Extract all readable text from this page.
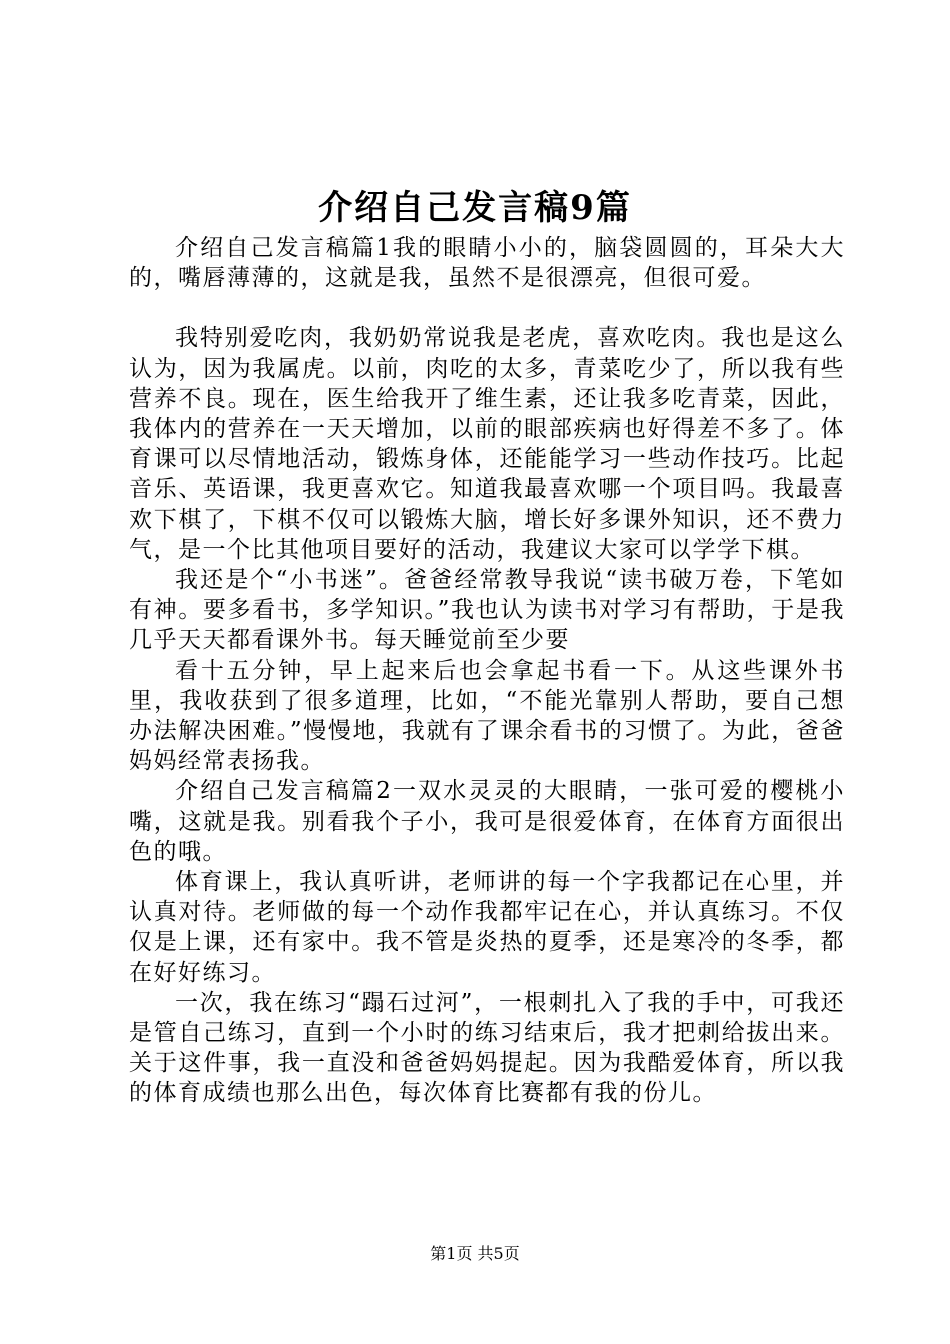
介绍自己发言稿9篇

介绍自己发言稿篇1我的眼睛小小的，脑袋圆圆的，耳朵大大的，嘴唇薄薄的，这就是我，虽然不是很漂亮，但很可爱。

我特别爱吃肉，我奶奶常说我是老虎，喜欢吃肉。我也是这么认为，因为我属虎。以前，肉吃的太多，青菜吃少了，所以我有些营养不良。现在，医生给我开了维生素，还让我多吃青菜，因此，我体内的营养在一天天增加，以前的眼部疾病也好得差不多了。体育课可以尽情地活动，锻炼身体，还能能学习一些动作技巧。比起音乐、英语课，我更喜欢它。知道我最喜欢哪一个项目吗。我最喜欢下棋了，下棋不仅可以锻炼大脑，增长好多课外知识，还不费力气，是一个比其他项目要好的活动，我建议大家可以学学下棋。

我还是个“小书迷”。爸爸经常教导我说“读书破万卷，下笔如有神。要多看书，多学知识。”我也认为读书对学习有帮助，于是我几乎天天都看课外书。每天睡觉前至少要

看十五分钟，早上起来后也会拿起书看一下。从这些课外书里，我收获到了很多道理，比如，“不能光靠别人帮助，要自己想办法解决困难。”慢慢地，我就有了课余看书的习惯了。为此，爸爸妈妈经常表扬我。

介绍自己发言稿篇2一双水灵灵的大眼睛，一张可爱的樱桃小嘴，这就是我。别看我个子小，我可是很爱体育，在体育方面很出色的哦。

体育课上，我认真听讲，老师讲的每一个字我都记在心里，并认真对待。老师做的每一个动作我都牢记在心，并认真练习。不仅仅是上课，还有家中。我不管是炎热的夏季，还是寒冷的冬季，都在好好练习。

一次，我在练习“蹋石过河”，一根刺扎入了我的手中，可我还是管自己练习，直到一个小时的练习结束后，我才把刺给拔出来。关于这件事，我一直没和爸爸妈妈提起。因为我酷爱体育，所以我的体育成绩也那么出色，每次体育比赛都有我的份儿。

第1页 共5页
